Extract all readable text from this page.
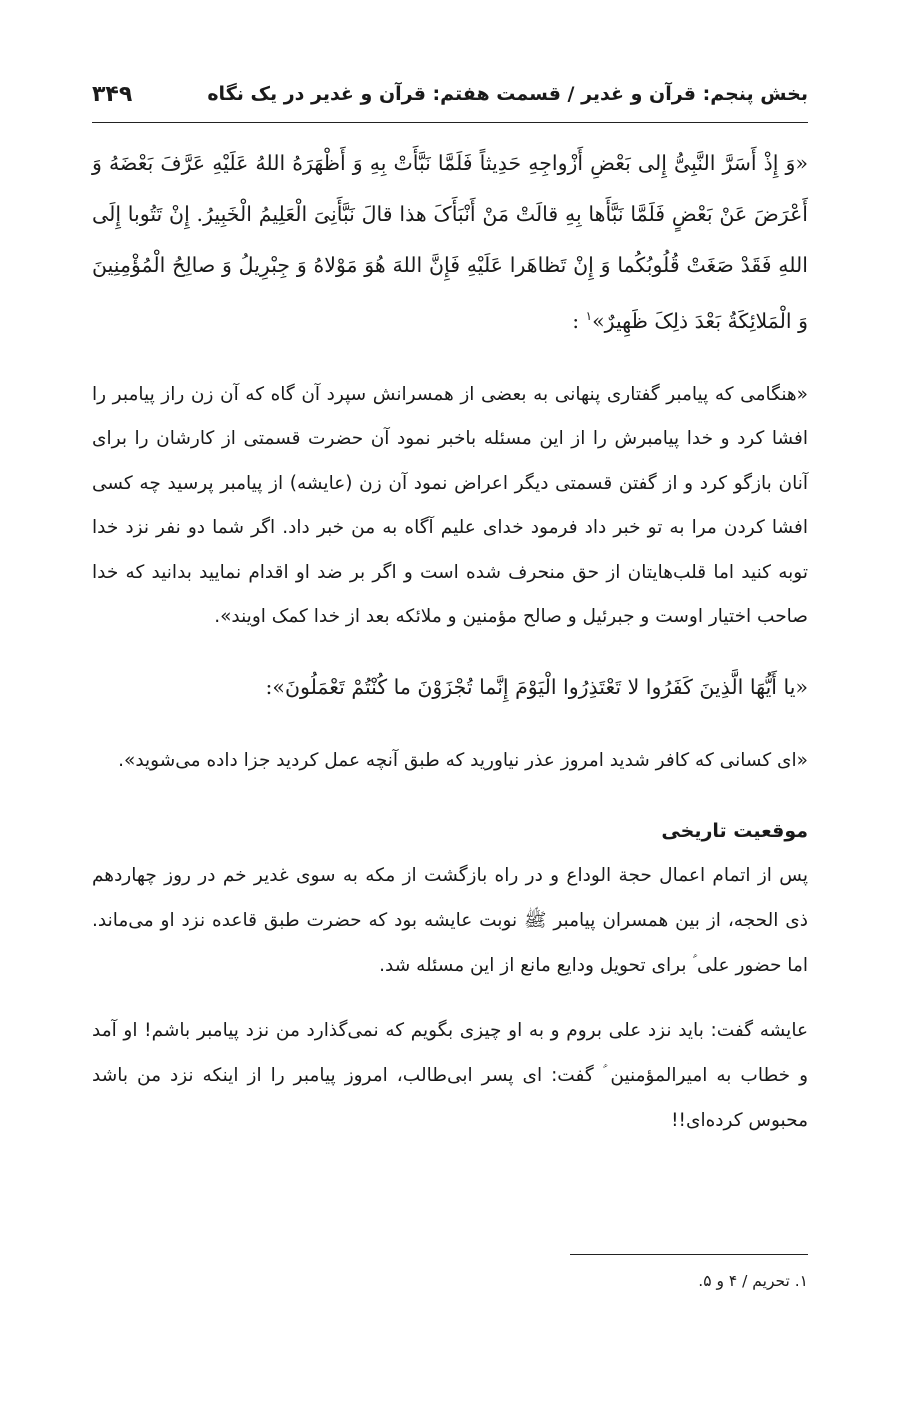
بخش پنجم: قرآن و غدیر / قسمت هفتم: قرآن و غدیر در یک نگاه
۳۴۹

«وَ إِذْ أَسَرَّ النَّبِیُّ إِلی بَعْضِ أَزْواجِهِ حَدِیثاً فَلَمَّا نَبَّأَتْ بِهِ وَ أَظْهَرَهُ اللهُ عَلَیْهِ عَرَّفَ بَعْضَهُ وَ أَعْرَضَ عَنْ بَعْضٍ فَلَمَّا نَبَّأَها بِهِ قالَتْ مَنْ أَنْبَأَکَ هذا قالَ نَبَّأَنِیَ الْعَلِیمُ الْخَبِیرُ. إِنْ تَتُوبا إِلَی اللهِ فَقَدْ صَغَتْ قُلُوبُکُما وَ إِنْ تَظاهَرا عَلَیْهِ فَإِنَّ اللهَ هُوَ مَوْلاهُ وَ جِبْرِیلُ وَ صالِحُ الْمُؤْمِنِینَ وَ الْمَلائِکَةُ بَعْدَ ذلِکَ ظَهِیرٌ»$^۱$ :

«هنگامی که پیامبر گفتاری پنهانی به بعضی از همسرانش سپرد آن گاه که آن زن راز پیامبر را افشا کرد و خدا پیامبرش را از این مسئله باخبر نمود آن حضرت قسمتی از کارشان را برای آنان بازگو کرد و از گفتن قسمتی دیگر اعراض نمود آن زن (عایشه) از پیامبر پرسید چه کسی افشا کردن مرا به تو خبر داد فرمود خدای علیم آگاه به من خبر داد. اگر شما دو نفر نزد خدا توبه کنید اما قلب‌هایتان از حق منحرف شده است و اگر بر ضد او اقدام نمایید بدانید که خدا صاحب اختیار اوست و جبرئیل و صالح مؤمنین و ملائکه بعد از خدا کمک اویند».

«یا أَیُّهَا الَّذِینَ کَفَرُوا لا تَعْتَذِرُوا الْیَوْمَ إِنَّما تُجْزَوْنَ ما کُنْتُمْ تَعْمَلُونَ»:

«ای کسانی که کافر شدید امروز عذر نیاورید که طبق آنچه عمل کردید جزا داده می‌شوید».

موقعیت تاریخی

پس از اتمام اعمال حجة الوداع و در راه بازگشت از مکه به سوی غدیر خم در روز چهاردهم ذی الحجه، از بین همسران پیامبر ﷺ نوبت عایشه بود که حضرت طبق قاعده نزد او می‌ماند. اما حضور علی ؑ برای تحویل ودایع مانع از این مسئله شد.

عایشه گفت: باید نزد علی بروم و به او چیزی بگویم که نمی‌گذارد من نزد پیامبر باشم! او آمد و خطاب به امیرالمؤمنین ؑ گفت: ای پسر ابی‌طالب، امروز پیامبر را از اینکه نزد من باشد محبوس کرده‌ای!!

۱. تحریم / ۴ و ۵.
